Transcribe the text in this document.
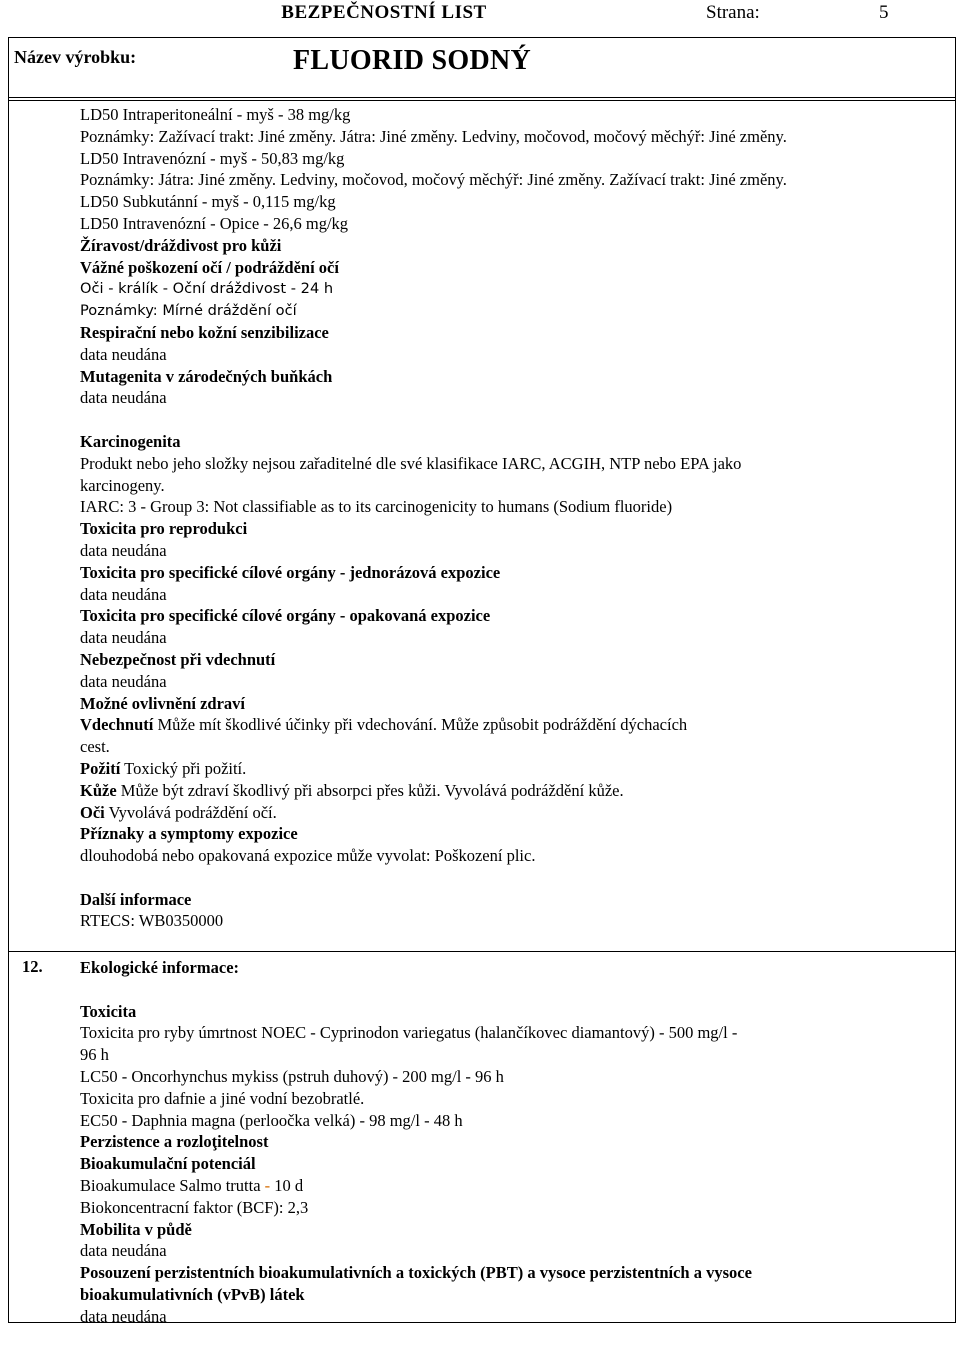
BEZPEČNOSTNÍ LIST	Strana:	5
Název výrobku:	FLUORID SODNÝ
LD50 Intraperitoneální - myš - 38 mg/kg
Poznámky: Zažívací trakt: Jiné změny. Játra: Jiné změny. Ledviny, močovod, močový měchýř: Jiné změny.
LD50 Intravenózní - myš - 50,83 mg/kg
Poznámky: Játra: Jiné změny. Ledviny, močovod, močový měchýř: Jiné změny. Zažívací trakt: Jiné změny.
LD50 Subkutánní - myš - 0,115 mg/kg
LD50 Intravenózní - Opice - 26,6 mg/kg
Žíravost/dráždivost pro kůži
Vážné poškození očí / podráždění očí
Oči - králík - Oční dráždivost - 24 h
Poznámky: Mírné dráždění očí
Respirační nebo kožní senzibilizace
data neudána
Mutagenita v zárodečných buňkách
data neudána
Karcinogenita
Produkt nebo jeho složky nejsou zařaditelné dle své klasifikace IARC, ACGIH, NTP nebo EPA jako
karcinogeny.
IARC: 3 - Group 3: Not classifiable as to its carcinogenicity to humans (Sodium fluoride)
Toxicita pro reprodukci
data neudána
Toxicita pro specifické cílové orgány - jednorázová expozice
data neudána
Toxicita pro specifické cílové orgány - opakovaná expozice
data neudána
Nebezpečnost při vdechnutí
data neudána
Možné ovlivnění zdraví
Vdechnutí Může mít škodlivé účinky při vdechování. Může způsobit podráždění dýchacích
cest.
Požití Toxický při požití.
Kůže Může být zdraví škodlivý při absorpci přes kůži. Vyvolává podráždění kůže.
Oči Vyvolává podráždění očí.
Příznaky a symptomy expozice
dlouhodobá nebo opakovaná expozice může vyvolat: Poškození plic.
Další informace
RTECS: WB0350000
12. Ekologické informace:
Toxicita
Toxicita pro ryby úmrtnost NOEC - Cyprinodon variegatus (halančíkovec diamantový) - 500 mg/l -
96 h
LC50 - Oncorhynchus mykiss (pstruh duhový) - 200 mg/l - 96 h
Toxicita pro dafnie a jiné vodní bezobratlé.
EC50 - Daphnia magna (perloočka velká) - 98 mg/l - 48 h
Perzistence a rozloţitelnost
Bioakumulační potenciál
Bioakumulace Salmo trutta - 10 d
Biokoncentracní faktor (BCF): 2,3
Mobilita v půdě
data neudána
Posouzení perzistentních bioakumulativních a toxických (PBT) a vysoce perzistentních a vysoce
bioakumulativních (vPvB) látek
data neudána
